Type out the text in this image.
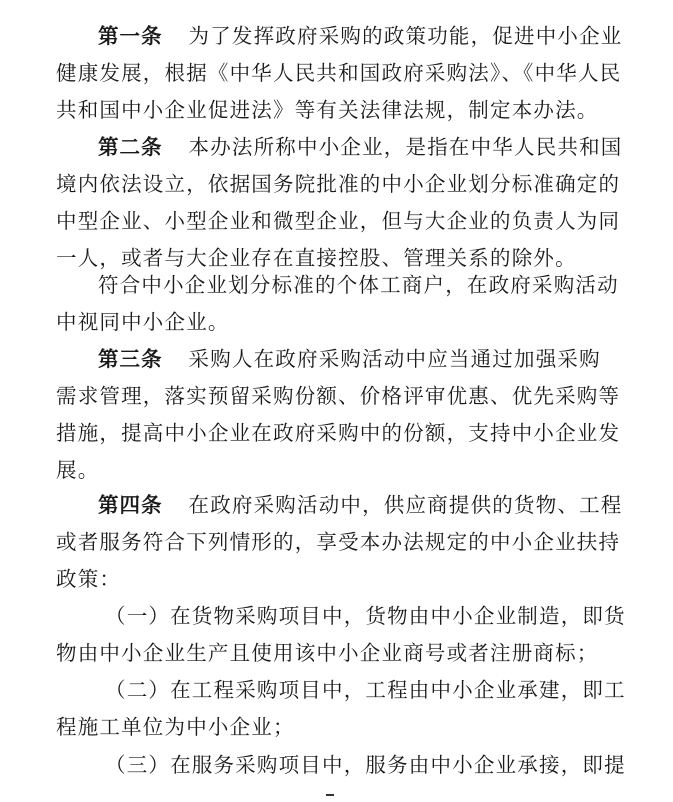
第一条 为了发挥政府采购的政策功能，促进中小企业
健康发展，根据《中华人民共和国政府采购法》、《中华人民
共和国中小企业促进法》等有关法律法规，制定本办法。
第二条 本办法所称中小企业，是指在中华人民共和国
境内依法设立，依据国务院批准的中小企业划分标准确定的
中型企业、小型企业和微型企业，但与大企业的负责人为同
一人，或者与大企业存在直接控股、管理关系的除外。
符合中小企业划分标准的个体工商户，在政府采购活动
中视同中小企业。
第三条 采购人在政府采购活动中应当通过加强采购
需求管理，落实预留采购份额、价格评审优惠、优先采购等
措施，提高中小企业在政府采购中的份额，支持中小企业发
展。
第四条 在政府采购活动中，供应商提供的货物、工程
或者服务符合下列情形的，享受本办法规定的中小企业扶持
政策：
（一）在货物采购项目中，货物由中小企业制造，即货
物由中小企业生产且使用该中小企业商号或者注册商标；
（二）在工程采购项目中，工程由中小企业承建，即工
程施工单位为中小企业；
（三）在服务采购项目中，服务由中小企业承接，即提
